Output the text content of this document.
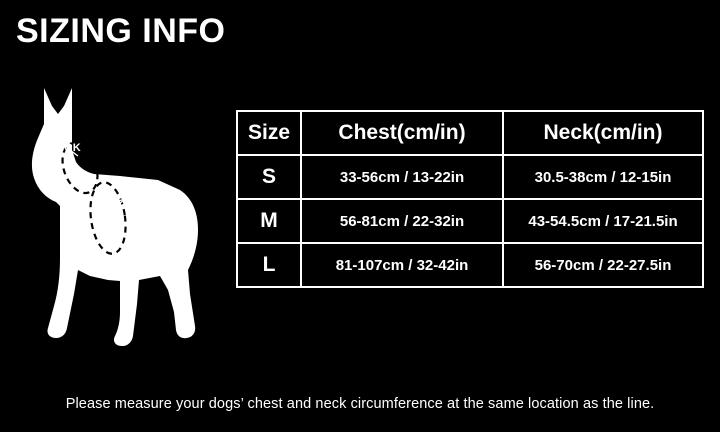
SIZING INFO
NECK
CHEST
Size	Chest(cm/in)	Neck(cm/in)
S	33-56cm / 13-22in	30.5-38cm / 12-15in
M	56-81cm / 22-32in	43-54.5cm / 17-21.5in
L	81-107cm / 32-42in	56-70cm / 22-27.5in
Please measure your dogs’ chest and neck circumference at the same location as the line.
